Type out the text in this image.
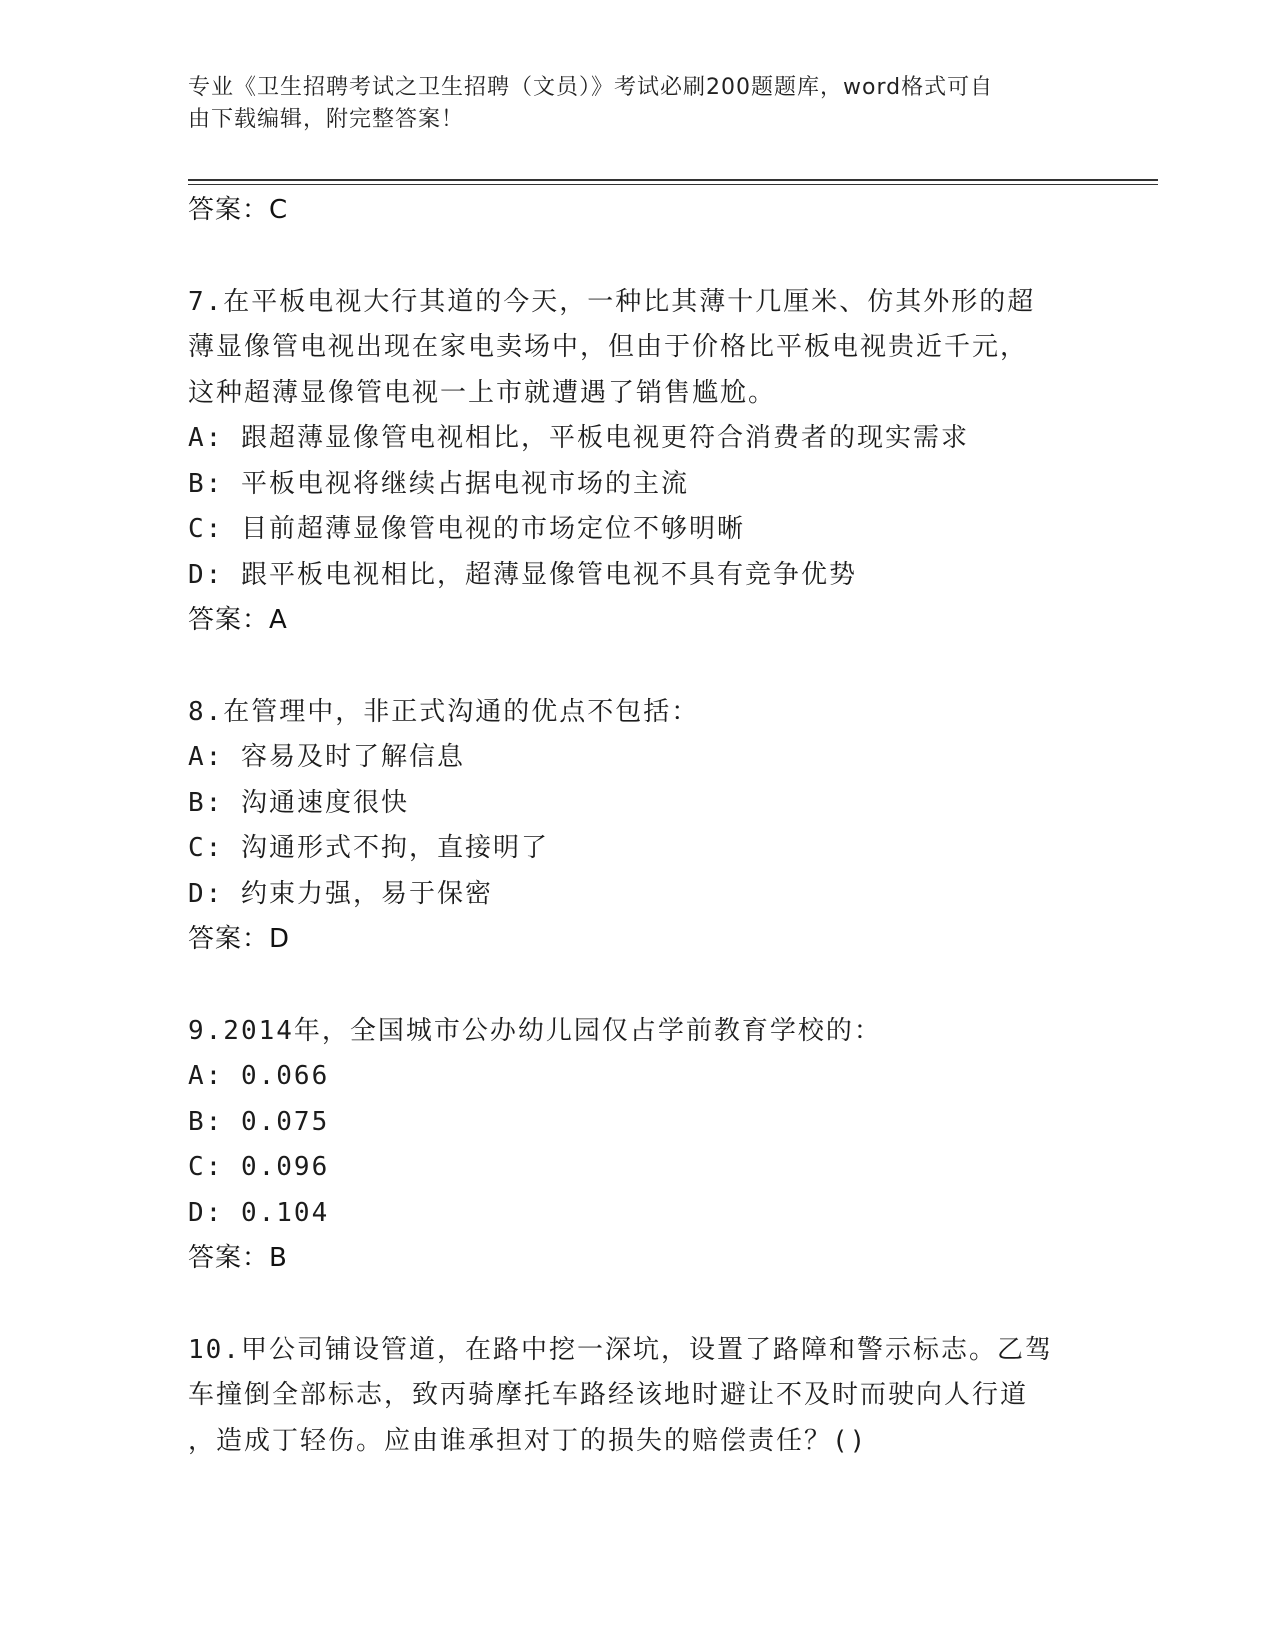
专业《卫生招聘考试之卫生招聘（文员）》考试必刷200题题库，word格式可自
由下载编辑，附完整答案！
答案：C
7.在平板电视大行其道的今天，一种比其薄十几厘米、仿其外形的超
薄显像管电视出现在家电卖场中，但由于价格比平板电视贵近千元，
这种超薄显像管电视一上市就遭遇了销售尴尬。
A: 跟超薄显像管电视相比，平板电视更符合消费者的现实需求
B: 平板电视将继续占据电视市场的主流
C: 目前超薄显像管电视的市场定位不够明晰
D: 跟平板电视相比，超薄显像管电视不具有竞争优势
答案：A
8.在管理中，非正式沟通的优点不包括：
A: 容易及时了解信息
B: 沟通速度很快
C: 沟通形式不拘，直接明了
D: 约束力强，易于保密
答案：D
9.2014年，全国城市公办幼儿园仅占学前教育学校的：
A: 0.066
B: 0.075
C: 0.096
D: 0.104
答案：B
10.甲公司铺设管道，在路中挖一深坑，设置了路障和警示标志。乙驾
车撞倒全部标志，致丙骑摩托车路经该地时避让不及时而驶向人行道
，造成丁轻伤。应由谁承担对丁的损失的赔偿责任？()
